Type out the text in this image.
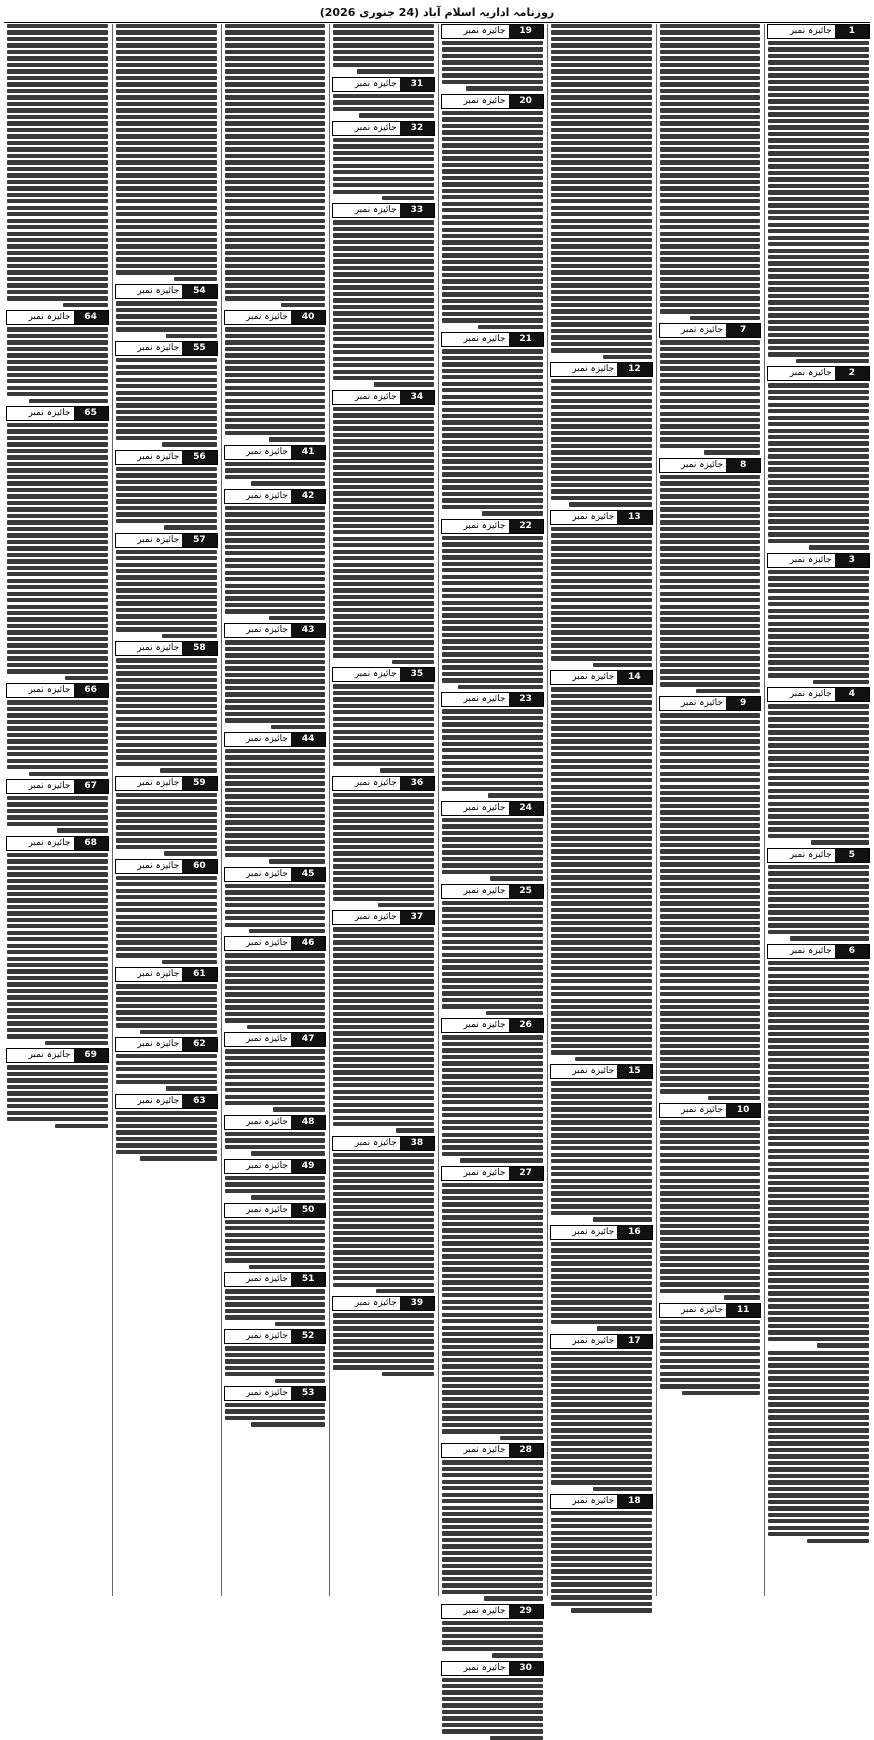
روزنامہ اداریہ اسلام آباد (24 جنوری 2026)
1
جائیزہ نمبر
2
جائیزہ نمبر
3
جائیزہ نمبر
4
جائیزہ نمبر
5
جائیزہ نمبر
6
جائیزہ نمبر
7
جائیزہ نمبر
8
جائیزہ نمبر
9
جائیزہ نمبر
10
جائیزہ نمبر
11
جائیزہ نمبر
12
جائیزہ نمبر
13
جائیزہ نمبر
14
جائیزہ نمبر
15
جائیزہ نمبر
16
جائیزہ نمبر
17
جائیزہ نمبر
18
جائیزہ نمبر
19
جائیزہ نمبر
20
جائیزہ نمبر
21
جائیزہ نمبر
22
جائیزہ نمبر
23
جائیزہ نمبر
24
جائیزہ نمبر
25
جائیزہ نمبر
26
جائیزہ نمبر
27
جائیزہ نمبر
28
جائیزہ نمبر
29
جائیزہ نمبر
30
جائیزہ نمبر
31
جائیزہ نمبر
32
جائیزہ نمبر
33
جائیزہ نمبر
34
جائیزہ نمبر
35
جائیزہ نمبر
36
جائیزہ نمبر
37
جائیزہ نمبر
38
جائیزہ نمبر
39
جائیزہ نمبر
40
جائیزہ نمبر
41
جائیزہ نمبر
42
جائیزہ نمبر
43
جائیزہ نمبر
44
جائیزہ نمبر
45
جائیزہ نمبر
46
جائیزہ نمبر
47
جائیزہ نمبر
48
جائیزہ نمبر
49
جائیزہ نمبر
50
جائیزہ نمبر
51
جائیزہ نمبر
52
جائیزہ نمبر
53
جائیزہ نمبر
54
جائیزہ نمبر
55
جائیزہ نمبر
56
جائیزہ نمبر
57
جائیزہ نمبر
58
جائیزہ نمبر
59
جائیزہ نمبر
60
جائیزہ نمبر
61
جائیزہ نمبر
62
جائیزہ نمبر
63
جائیزہ نمبر
64
جائیزہ نمبر
65
جائیزہ نمبر
66
جائیزہ نمبر
67
جائیزہ نمبر
68
جائیزہ نمبر
69
جائیزہ نمبر
